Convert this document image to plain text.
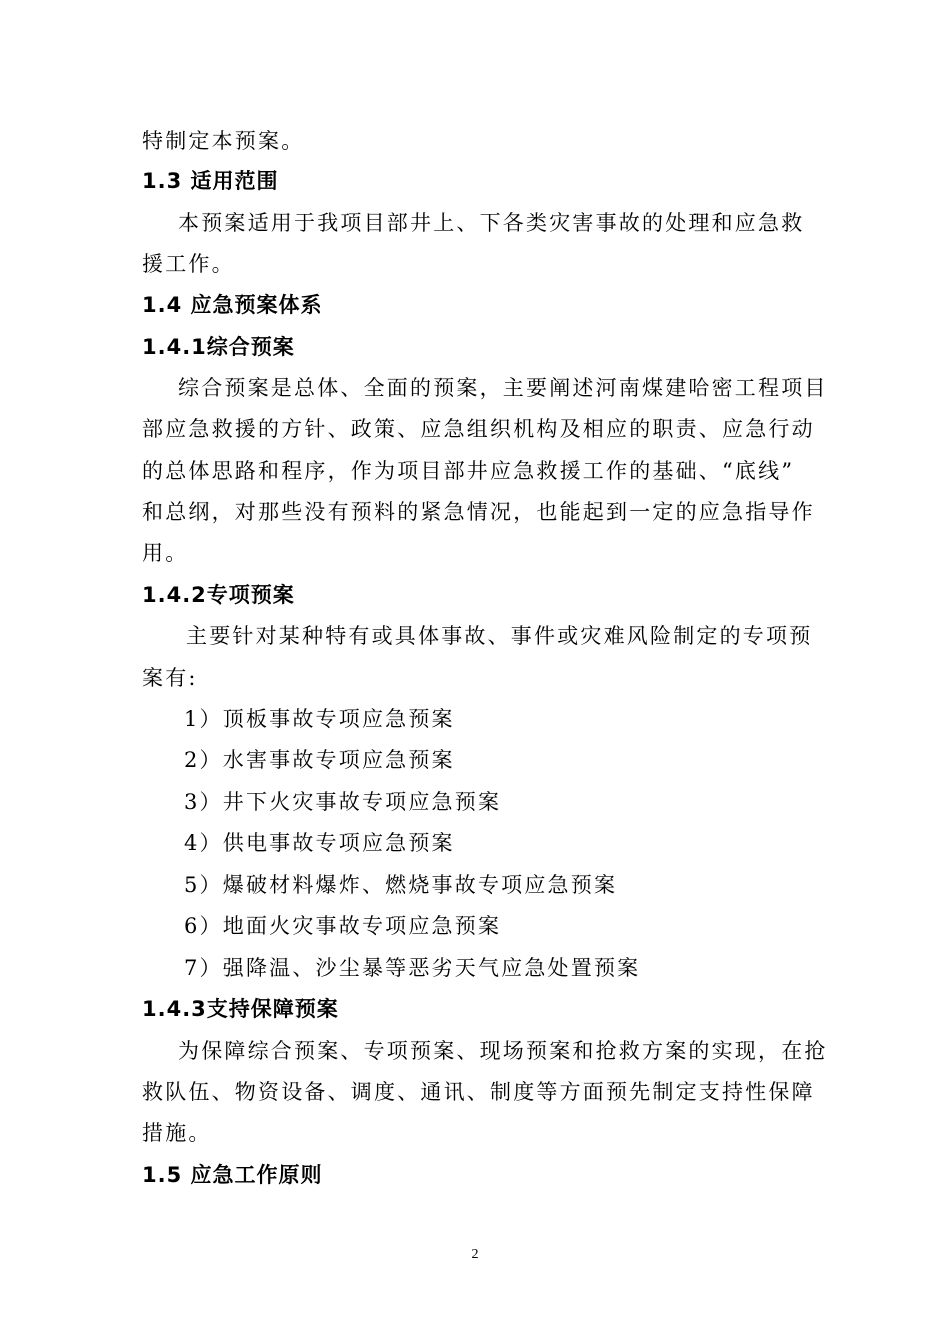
特制定本预案。
1.3 适用范围
本预案适用于我项目部井上、下各类灾害事故的处理和应急救
援工作。
1.4 应急预案体系
1.4.1综合预案
综合预案是总体、全面的预案，主要阐述河南煤建哈密工程项目
部应急救援的方针、政策、应急组织机构及相应的职责、应急行动
的总体思路和程序，作为项目部井应急救援工作的基础、“底线”
和总纲，对那些没有预料的紧急情况，也能起到一定的应急指导作
用。
1.4.2专项预案
主要针对某种特有或具体事故、事件或灾难风险制定的专项预
案有:
1）顶板事故专项应急预案
2）水害事故专项应急预案
3）井下火灾事故专项应急预案
4）供电事故专项应急预案
5）爆破材料爆炸、燃烧事故专项应急预案
6）地面火灾事故专项应急预案
7）强降温、沙尘暴等恶劣天气应急处置预案
1.4.3支持保障预案
为保障综合预案、专项预案、现场预案和抢救方案的实现，在抢
救队伍、物资设备、调度、通讯、制度等方面预先制定支持性保障
措施。
1.5 应急工作原则
2
